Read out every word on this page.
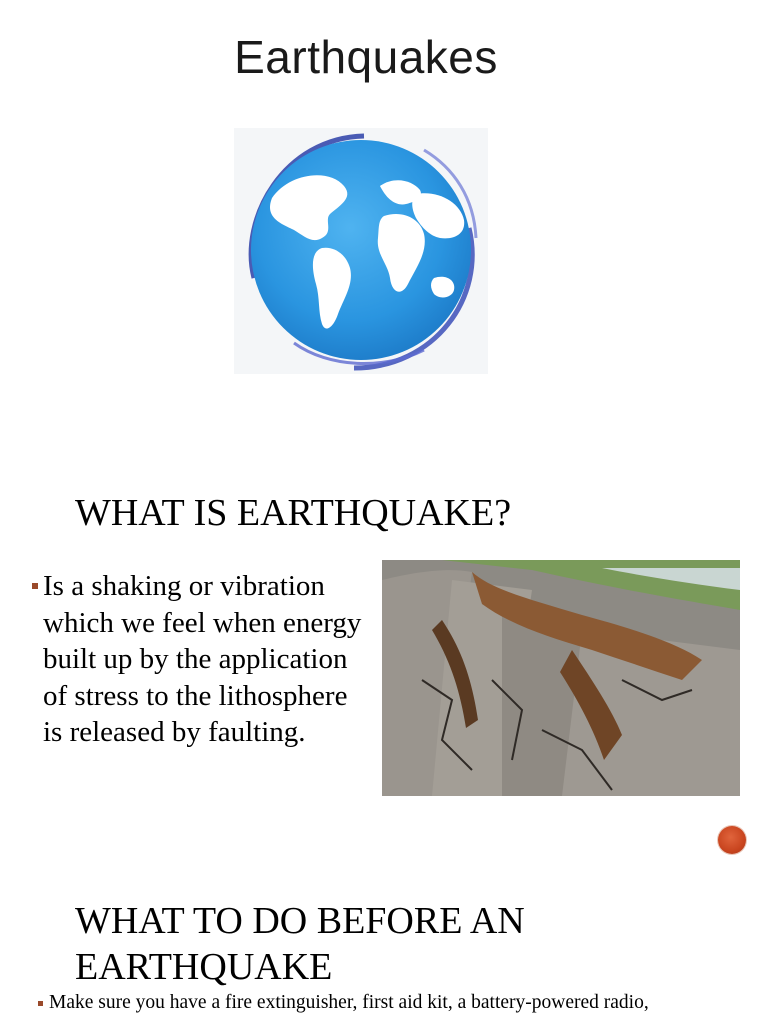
Earthquakes
WHAT IS EARTHQUAKE?
Is a shaking or vibration which we feel when energy built up by the application of stress to the lithosphere is released by faulting.
WHAT TO DO BEFORE AN EARTHQUAKE
Make sure you have a fire extinguisher, first aid kit, a battery-powered radio,
